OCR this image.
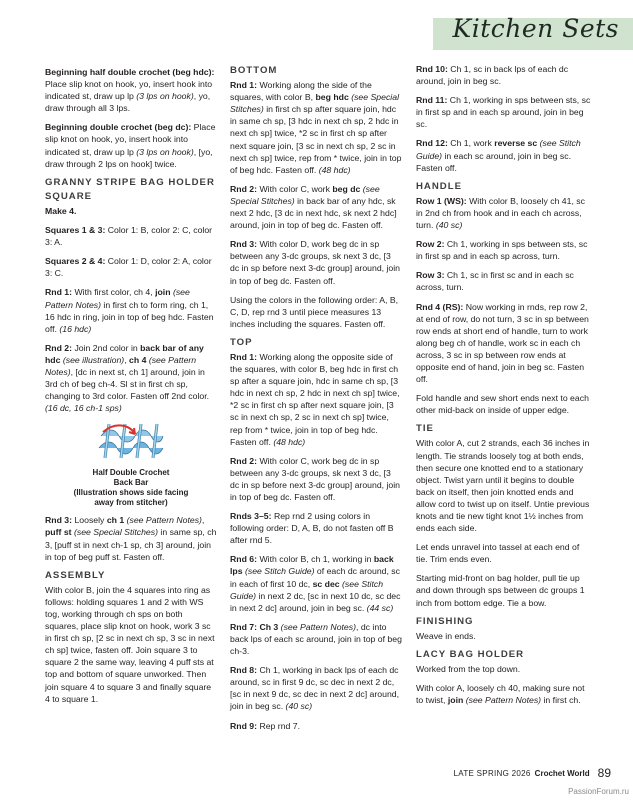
Kitchen Sets
Beginning half double crochet (beg hdc): Place slip knot on hook, yo, insert hook into indicated st, draw up lp (3 lps on hook), yo, draw through all 3 lps.
Beginning double crochet (beg dc): Place slip knot on hook, yo, insert hook into indicated st, draw up lp (3 lps on hook), [yo, draw through 2 lps on hook] twice.
GRANNY STRIPE BAG HOLDER
SQUARE
Make 4.
Squares 1 & 3: Color 1: B, color 2: C, color 3: A.
Squares 2 & 4: Color 1: D, color 2: A, color 3: C.
Rnd 1: With first color, ch 4, join (see Pattern Notes) in first ch to form ring, ch 1, 16 hdc in ring, join in top of beg hdc. Fasten off. (16 hdc)
Rnd 2: Join 2nd color in back bar of any hdc (see illustration), ch 4 (see Pattern Notes), [dc in next st, ch 1] around, join in 3rd ch of beg ch-4. Sl st in first ch sp, changing to 3rd color. Fasten off 2nd color. (16 dc, 16 ch-1 sps)
Half Double Crochet
Back Bar
(Illustration shows side facing
away from stitcher)
Rnd 3: Loosely ch 1 (see Pattern Notes), puff st (see Special Stitches) in same sp, ch 3, [puff st in next ch-1 sp, ch 3] around, join in top of beg puff st. Fasten off.
ASSEMBLY
With color B, join the 4 squares into ring as follows: holding squares 1 and 2 with WS tog, working through ch sps on both squares, place slip knot on hook, work 3 sc in first ch sp, [2 sc in next ch sp, 3 sc in next ch sp] twice, fasten off. Join square 3 to square 2 the same way, leaving 4 puff sts at top and bottom of square unworked. Then join square 4 to square 3 and finally square 4 to square 1.
BOTTOM
Rnd 1: Working along the side of the squares, with color B, beg hdc (see Special Stitches) in first ch sp after square join, hdc in same ch sp, [3 hdc in next ch sp, 2 hdc in next ch sp] twice, *2 sc in first ch sp after next square join, [3 sc in next ch sp, 2 sc in next ch sp] twice, rep from * twice, join in top of beg hdc. Fasten off. (48 hdc)
Rnd 2: With color C, work beg dc (see Special Stitches) in back bar of any hdc, sk next 2 hdc, [3 dc in next hdc, sk next 2 hdc] around, join in top of beg dc. Fasten off.
Rnd 3: With color D, work beg dc in sp between any 3-dc groups, sk next 3 dc, [3 dc in sp before next 3-dc group] around, join in top of beg dc. Fasten off.
Using the colors in the following order: A, B, C, D, rep rnd 3 until piece measures 13 inches including the squares. Fasten off.
TOP
Rnd 1: Working along the opposite side of the squares, with color B, beg hdc in first ch sp after a square join, hdc in same ch sp, [3 hdc in next ch sp, 2 hdc in next ch sp] twice, *2 sc in first ch sp after next square join, [3 sc in next ch sp, 2 sc in next ch sp] twice, rep from * twice, join in top of beg hdc. Fasten off. (48 hdc)
Rnd 2: With color C, work beg dc in sp between any 3-dc groups, sk next 3 dc, [3 dc in sp before next 3-dc group] around, join in top of beg dc. Fasten off.
Rnds 3–5: Rep rnd 2 using colors in following order: D, A, B, do not fasten off B after rnd 5.
Rnd 6: With color B, ch 1, working in back lps (see Stitch Guide) of each dc around, sc in each of first 10 dc, sc dec (see Stitch Guide) in next 2 dc, [sc in next 10 dc, sc dec in next 2 dc] around, join in beg sc. (44 sc)
Rnd 7: Ch 3 (see Pattern Notes), dc into back lps of each sc around, join in top of beg ch-3.
Rnd 8: Ch 1, working in back lps of each dc around, sc in first 9 dc, sc dec in next 2 dc, [sc in next 9 dc, sc dec in next 2 dc] around, join in beg sc. (40 sc)
Rnd 9: Rep rnd 7.
Rnd 10: Ch 1, sc in back lps of each dc around, join in beg sc.
Rnd 11: Ch 1, working in sps between sts, sc in first sp and in each sp around, join in beg sc.
Rnd 12: Ch 1, work reverse sc (see Stitch Guide) in each sc around, join in beg sc. Fasten off.
HANDLE
Row 1 (WS): With color B, loosely ch 41, sc in 2nd ch from hook and in each ch across, turn. (40 sc)
Row 2: Ch 1, working in sps between sts, sc in first sp and in each sp across, turn.
Row 3: Ch 1, sc in first sc and in each sc across, turn.
Rnd 4 (RS): Now working in rnds, rep row 2, at end of row, do not turn, 3 sc in sp between row ends at short end of handle, turn to work along beg ch of handle, work sc in each ch across, 3 sc in sp between row ends at opposite end of hand, join in beg sc. Fasten off.
Fold handle and sew short ends next to each other mid-back on inside of upper edge.
TIE
With color A, cut 2 strands, each 36 inches in length. Tie strands loosely tog at both ends, then secure one knotted end to a stationary object. Twist yarn until it begins to double back on itself, then join knotted ends and allow cord to twist up on itself. Untie previous knots and tie new tight knot 1½ inches from ends each side.
Let ends unravel into tassel at each end of tie. Trim ends even.
Starting mid-front on bag holder, pull tie up and down through sps between dc groups 1 inch from bottom edge. Tie a bow.
FINISHING
Weave in ends.
LACY BAG HOLDER
Worked from the top down.
With color A, loosely ch 40, making sure not to twist, join (see Pattern Notes) in first ch.
LATE SPRING 2026 Crochet World 89
PassionForum.ru
